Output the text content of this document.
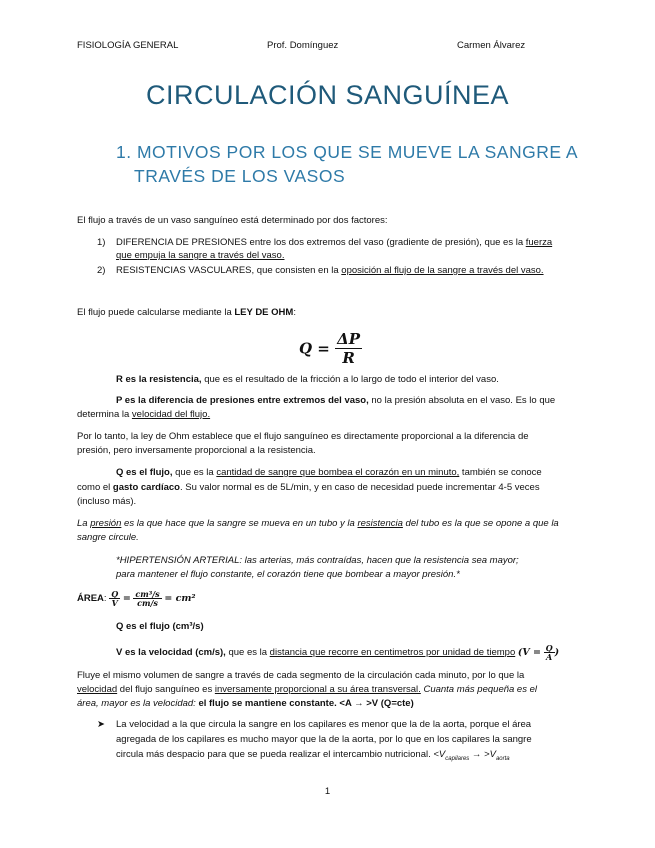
FISIOLOGÍA GENERAL	Prof. Domínguez	Carmen Álvarez
CIRCULACIÓN SANGUÍNEA
1. MOTIVOS POR LOS QUE SE MUEVE LA SANGRE A
TRAVÉS DE LOS VASOS
El flujo a través de un vaso sanguíneo está determinado por dos factores:
1) DIFERENCIA DE PRESIONES entre los dos extremos del vaso (gradiente de presión), que es la fuerza
que empuja la sangre a través del vaso.
2) RESISTENCIAS VASCULARES, que consisten en la oposición al flujo de la sangre a través del vaso.
El flujo puede calcularse mediante la LEY DE OHM:
$Q = \frac{\Delta P}{R}$
R es la resistencia, que es el resultado de la fricción a lo largo de todo el interior del vaso.
P es la diferencia de presiones entre extremos del vaso, no la presión absoluta en el vaso. Es lo que
determina la velocidad del flujo.
Por lo tanto, la ley de Ohm establece que el flujo sanguíneo es directamente proporcional a la diferencia de
presión, pero inversamente proporcional a la resistencia.
Q es el flujo, que es la cantidad de sangre que bombea el corazón en un minuto, también se conoce
como el gasto cardíaco. Su valor normal es de 5L/min, y en caso de necesidad puede incrementar 4-5 veces
(incluso más).
La presión es la que hace que la sangre se mueva en un tubo y la resistencia del tubo es la que se opone a que la
sangre circule.
*HIPERTENSIÓN ARTERIAL: las arterias, más contraídas, hacen que la resistencia sea mayor;
para mantener el flujo constante, el corazón tiene que bombear a mayor presión.*
ÁREA: $\frac{Q}{V} = \frac{\text{cm³/s}}{cm/s} = cm^2$
Q es el flujo (cm³/s)
V es la velocidad (cm/s), que es la distancia que recorre en centimetros por unidad de tiempo ($V = \frac{Q}{A}$ )
Fluye el mismo volumen de sangre a través de cada segmento de la circulación cada minuto, por lo que la
velocidad del flujo sanguíneo es inversamente proporcional a su área transversal. Cuanta más pequeña es el
área, mayor es la velocidad: el flujo se mantiene constante. <A → >V (Q=cte)
➤ La velocidad a la que circula la sangre en los capilares es menor que la de la aorta, porque el área
agregada de los capilares es mucho mayor que la de la aorta, por lo que en los capilares la sangre
circula más despacio para que se pueda realizar el intercambio nutricional. $<V_{capilares} \to >V_{aorta}$
1
